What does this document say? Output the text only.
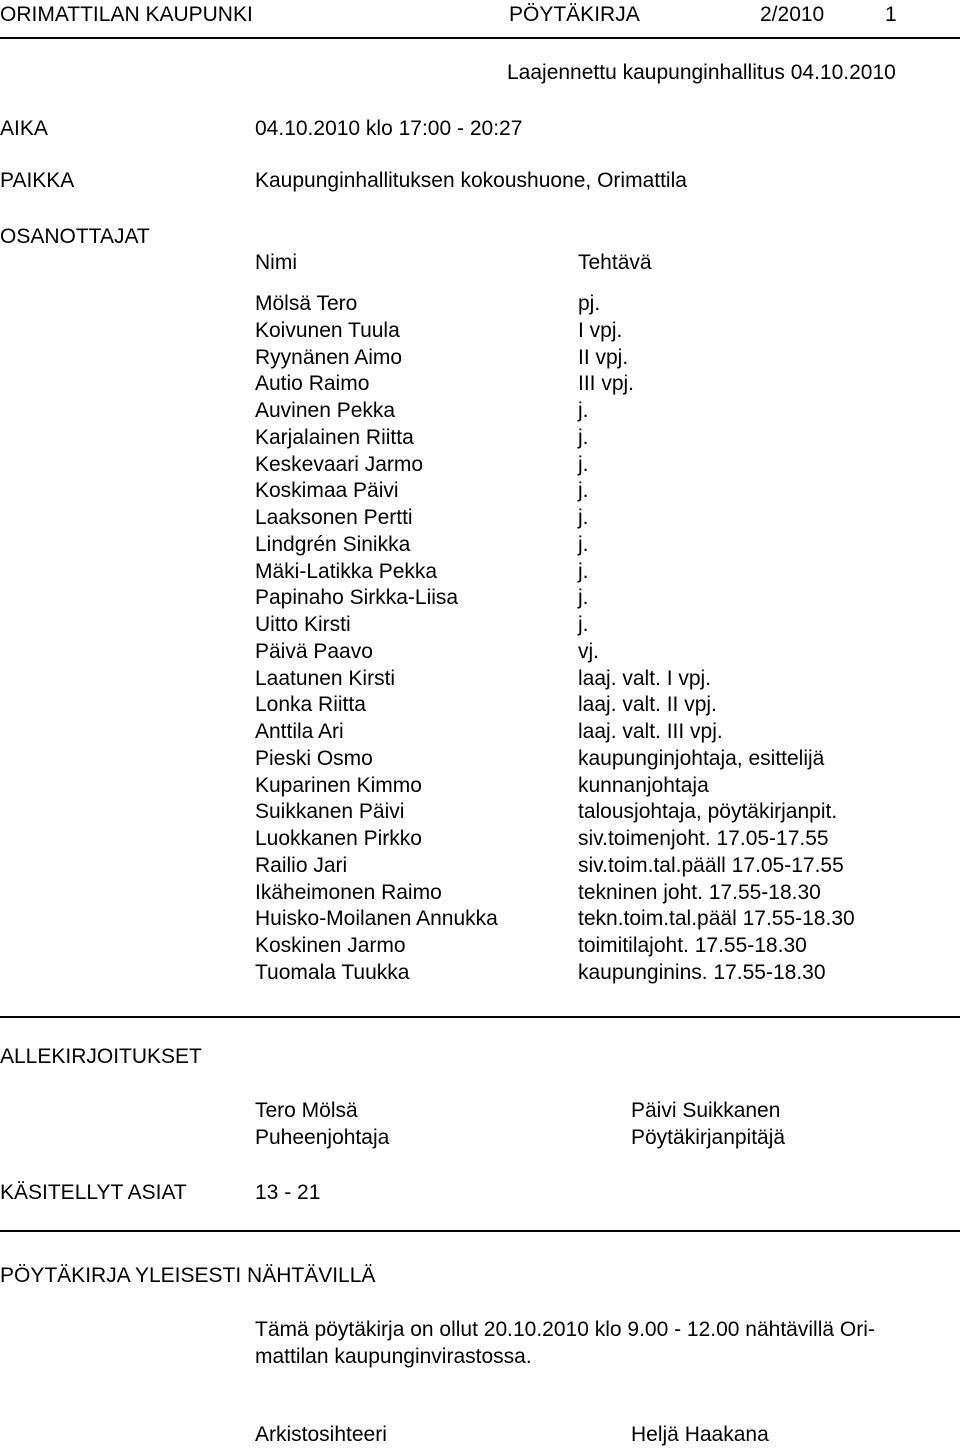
ORIMATTILAN KAUPUNKI	PÖYTÄKIRJA	2/2010	1
Laajennettu kaupunginhallitus 04.10.2010
AIKA	04.10.2010 klo 17:00 - 20:27
PAIKKA	Kaupunginhallituksen kokoushuone, Orimattila
OSANOTTAJAT
Nimi	Tehtävä
Mölsä Tero	pj.
Koivunen Tuula	I vpj.
Ryynänen Aimo	II vpj.
Autio Raimo	III vpj.
Auvinen Pekka	j.
Karjalainen Riitta	j.
Keskevaari Jarmo	j.
Koskimaa Päivi	j.
Laaksonen Pertti	j.
Lindgrén Sinikka	j.
Mäki-Latikka Pekka	j.
Papinaho Sirkka-Liisa	j.
Uitto Kirsti	j.
Päivä Paavo	vj.
Laatunen Kirsti	laaj. valt. I vpj.
Lonka Riitta	laaj. valt. II vpj.
Anttila Ari	laaj. valt. III vpj.
Pieski Osmo	kaupunginjohtaja, esittelijä
Kuparinen Kimmo	kunnanjohtaja
Suikkanen Päivi	talousjohtaja, pöytäkirjanpit.
Luokkanen Pirkko	siv.toimenjoht. 17.05-17.55
Railio Jari	siv.toim.tal.pääll 17.05-17.55
Ikäheimonen Raimo	tekninen joht. 17.55-18.30
Huisko-Moilanen Annukka	tekn.toim.tal.pääl 17.55-18.30
Koskinen Jarmo	toimitilajoht. 17.55-18.30
Tuomala Tuukka	kaupunginins. 17.55-18.30
ALLEKIRJOITUKSET
Tero Mölsä
Puheenjohtaja
Päivi Suikkanen
Pöytäkirjanpitäjä
KÄSITELLYT ASIAT	13 - 21
PÖYTÄKIRJA YLEISESTI NÄHTÄVILLÄ
Tämä pöytäkirja on ollut 20.10.2010 klo 9.00 - 12.00 nähtävillä Ori-
mattilan kaupunginvirastossa.
Arkistosihteeri	Heljä Haakana
